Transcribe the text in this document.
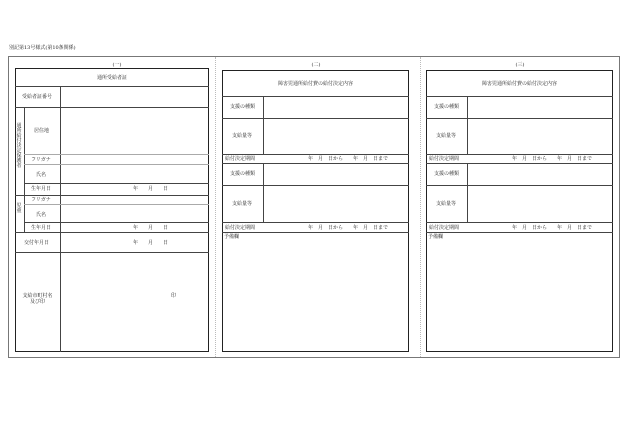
別記第13号様式(第10条関係)
(一)
通所受給者証
受給者証番号
通所給付決定保護者
居住地
フリガナ
氏名
生年月日	年　　月　　日
児童
フリガナ
氏名
生年月日	年　　月　　日
交付年月日	年　　月　　日
支給市町村名
及び印
印
(二)
障害児通所給付費の給付決定内容
支援の種類
支給量等
給付決定期間	年　月　日から　　年　月　日まで
支援の種類
支給量等
給付決定期間	年　月　日から　　年　月　日まで
予備欄
(三)
障害児通所給付費の給付決定内容
支援の種類
支給量等
給付決定期間	年　月　日から　　年　月　日まで
支援の種類
支給量等
給付決定期間	年　月　日から　　年　月　日まで
予備欄
